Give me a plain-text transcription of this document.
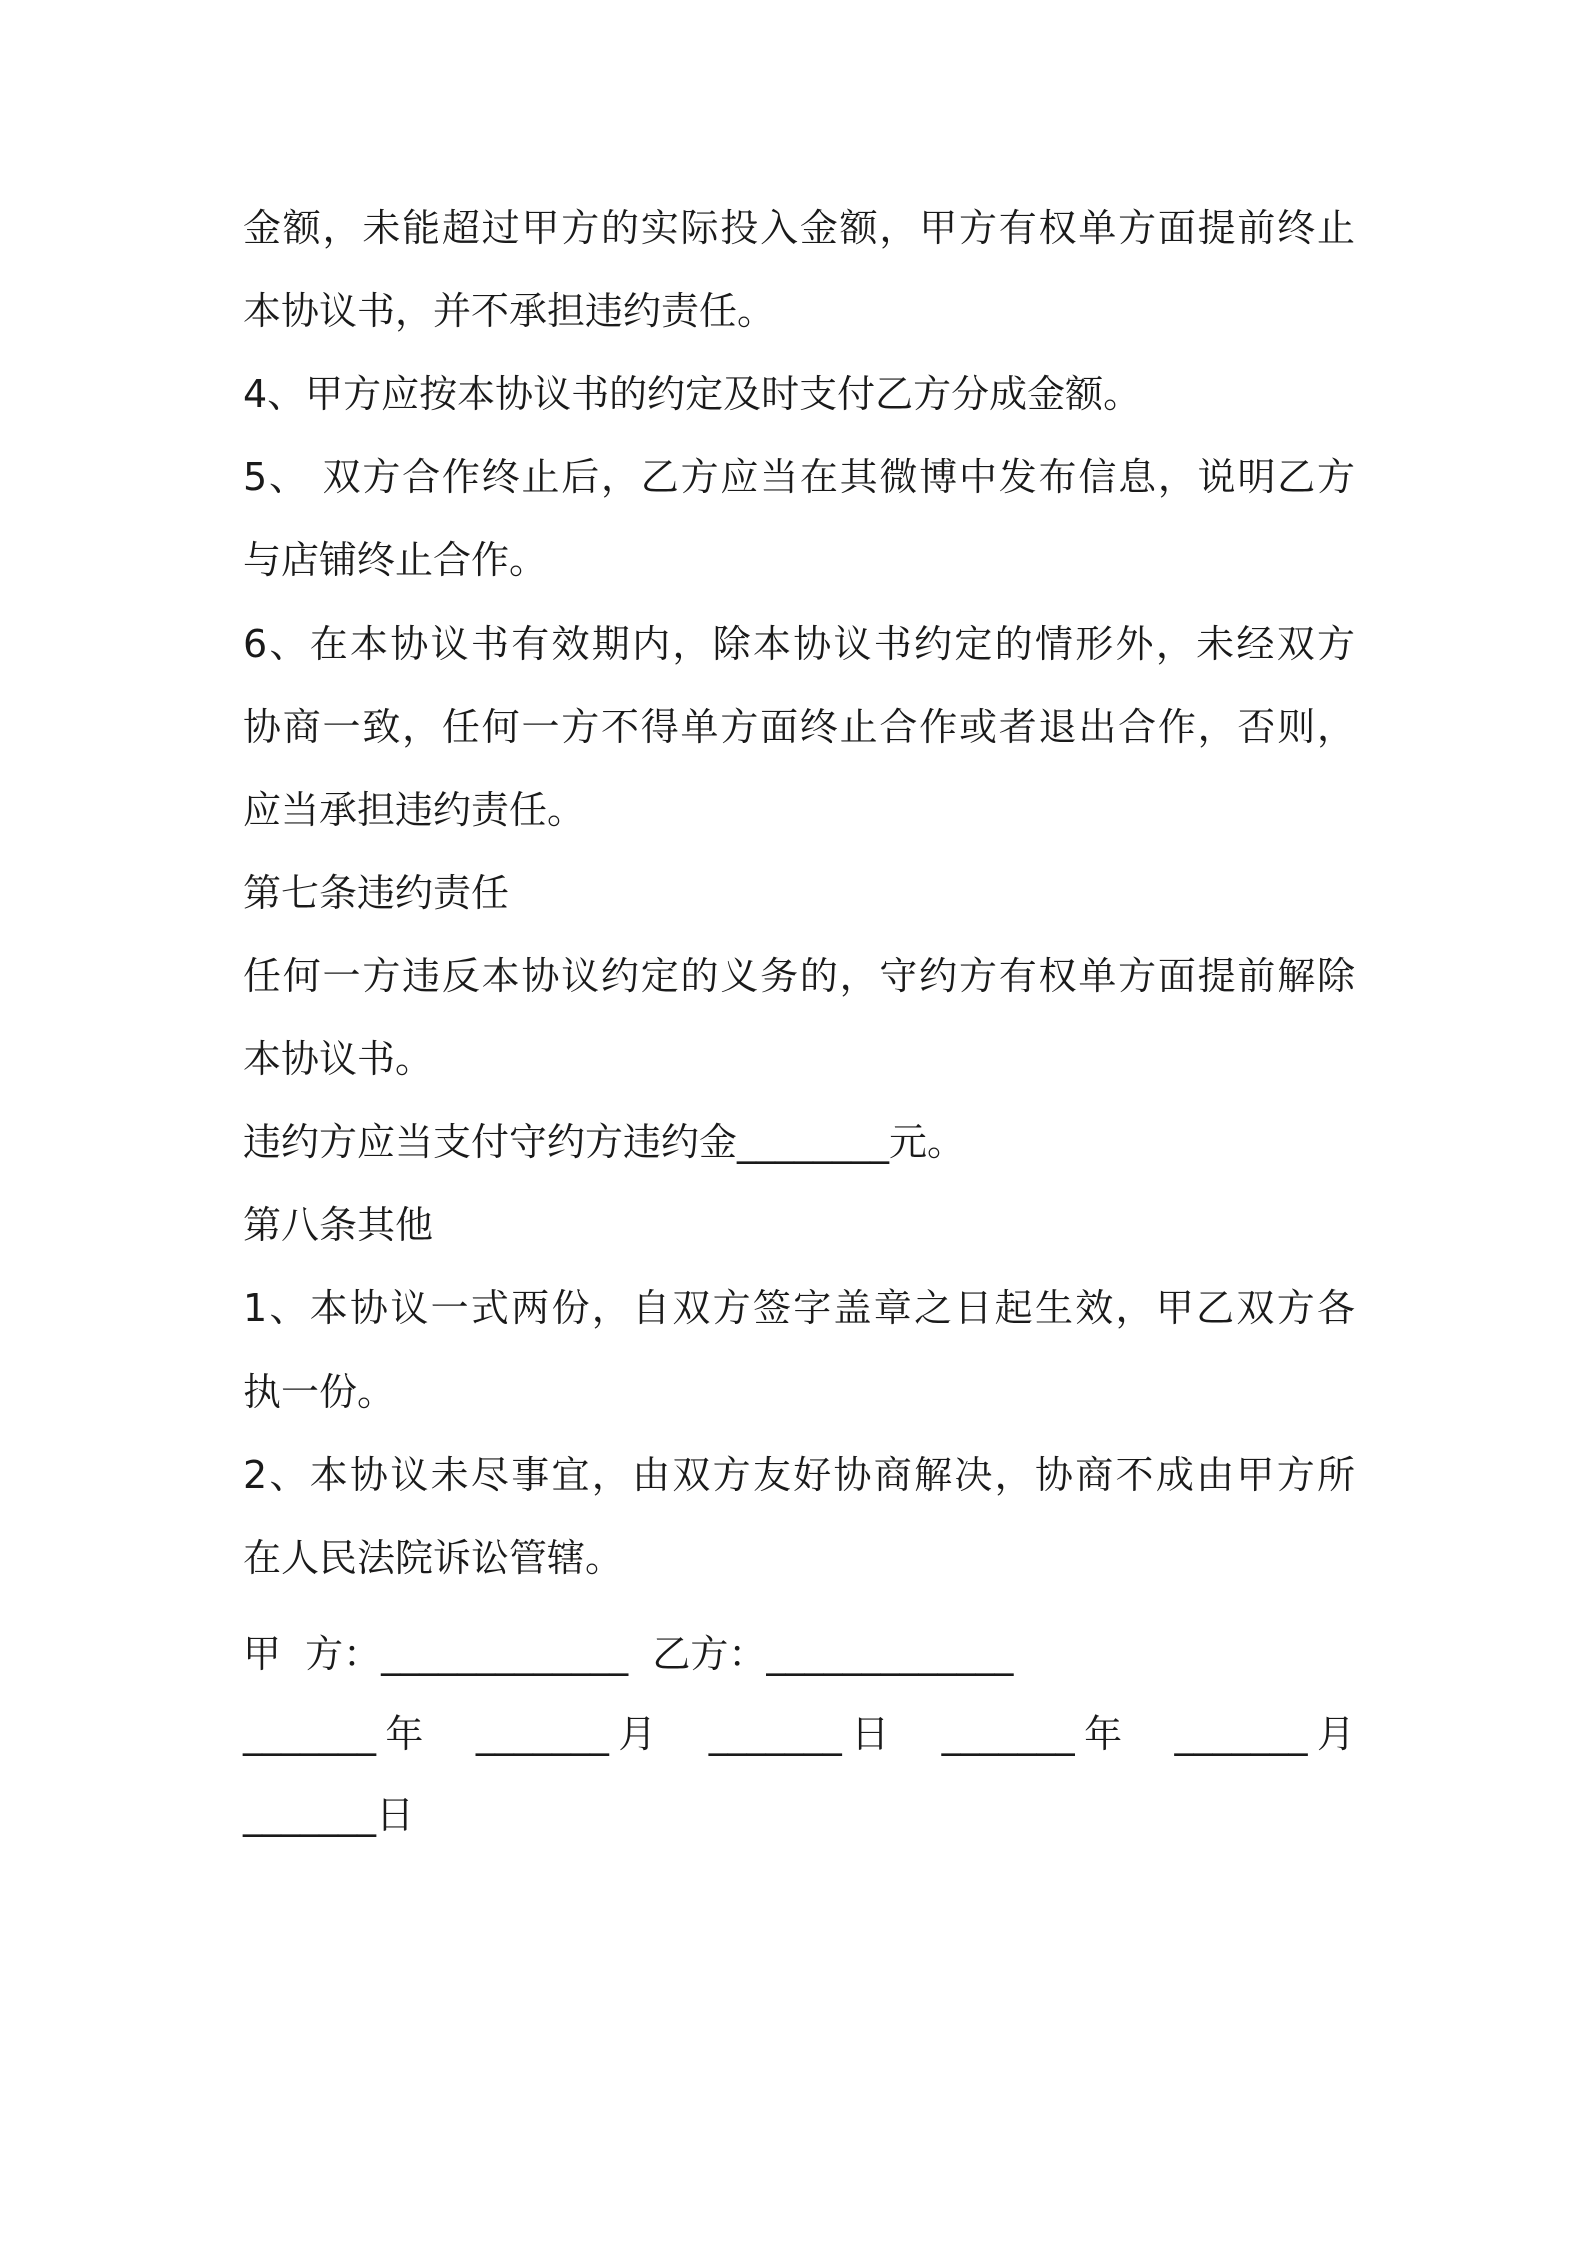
金额，未能超过甲方的实际投入金额，甲方有权单方面提前终止
本协议书，并不承担违约责任。
4、甲方应按本协议书的约定及时支付乙方分成金额。
5、 双方合作终止后，乙方应当在其微博中发布信息，说明乙方
与店铺终止合作。
6、在本协议书有效期内，除本协议书约定的情形外，未经双方
协商一致，任何一方不得单方面终止合作或者退出合作，否则，
应当承担违约责任。
第七条违约责任
任何一方违反本协议约定的义务的，守约方有权单方面提前解除
本协议书。
违约方应当支付守约方违约金________元。
第八条其他
1、本协议一式两份，自双方签字盖章之日起生效，甲乙双方各
执一份。
2、本协议未尽事宜，由双方友好协商解决，协商不成由甲方所
在人民法院诉讼管辖。
甲  方：_____________  乙方：_____________
_______年  _______月  _______日  _______年  _______月
_______日
